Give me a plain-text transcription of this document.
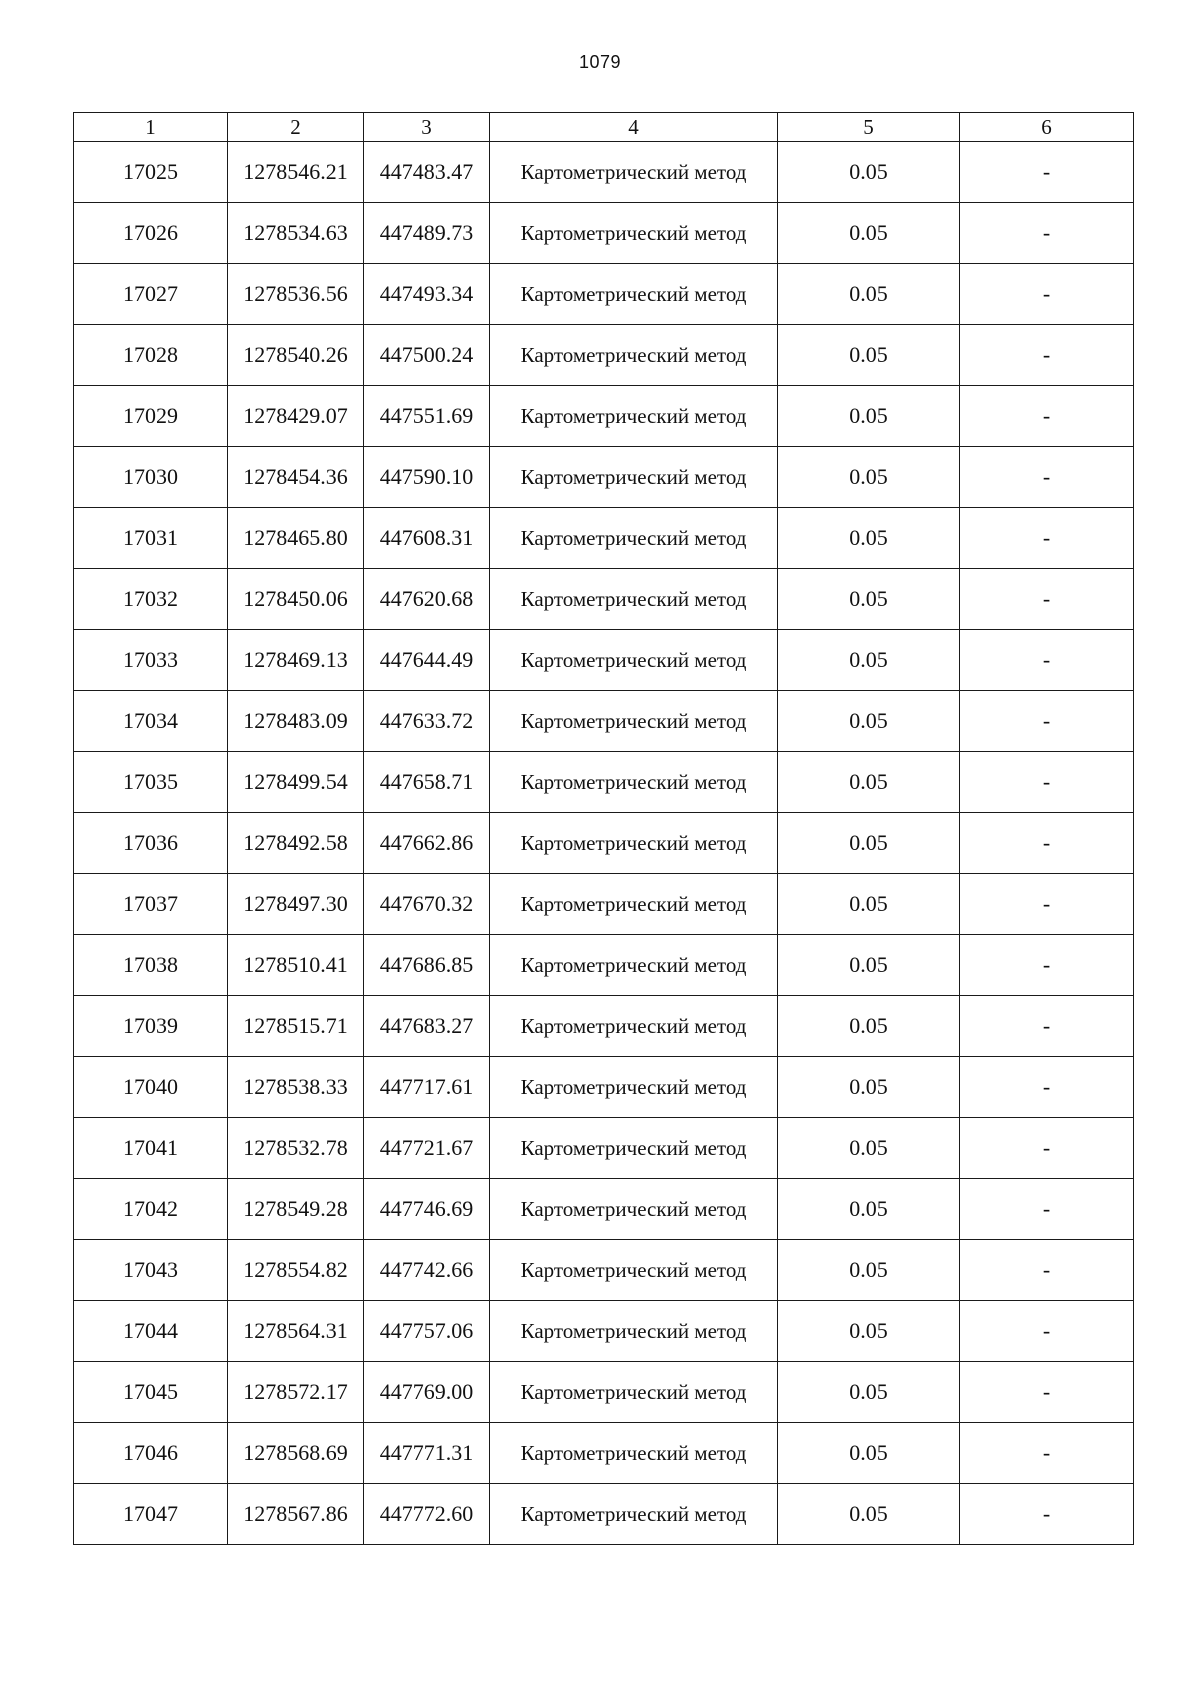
1079
1	2	3	4	5	6
17025	1278546.21	447483.47	Картометрический метод	0.05	-
17026	1278534.63	447489.73	Картометрический метод	0.05	-
17027	1278536.56	447493.34	Картометрический метод	0.05	-
17028	1278540.26	447500.24	Картометрический метод	0.05	-
17029	1278429.07	447551.69	Картометрический метод	0.05	-
17030	1278454.36	447590.10	Картометрический метод	0.05	-
17031	1278465.80	447608.31	Картометрический метод	0.05	-
17032	1278450.06	447620.68	Картометрический метод	0.05	-
17033	1278469.13	447644.49	Картометрический метод	0.05	-
17034	1278483.09	447633.72	Картометрический метод	0.05	-
17035	1278499.54	447658.71	Картометрический метод	0.05	-
17036	1278492.58	447662.86	Картометрический метод	0.05	-
17037	1278497.30	447670.32	Картометрический метод	0.05	-
17038	1278510.41	447686.85	Картометрический метод	0.05	-
17039	1278515.71	447683.27	Картометрический метод	0.05	-
17040	1278538.33	447717.61	Картометрический метод	0.05	-
17041	1278532.78	447721.67	Картометрический метод	0.05	-
17042	1278549.28	447746.69	Картометрический метод	0.05	-
17043	1278554.82	447742.66	Картометрический метод	0.05	-
17044	1278564.31	447757.06	Картометрический метод	0.05	-
17045	1278572.17	447769.00	Картометрический метод	0.05	-
17046	1278568.69	447771.31	Картометрический метод	0.05	-
17047	1278567.86	447772.60	Картометрический метод	0.05	-
